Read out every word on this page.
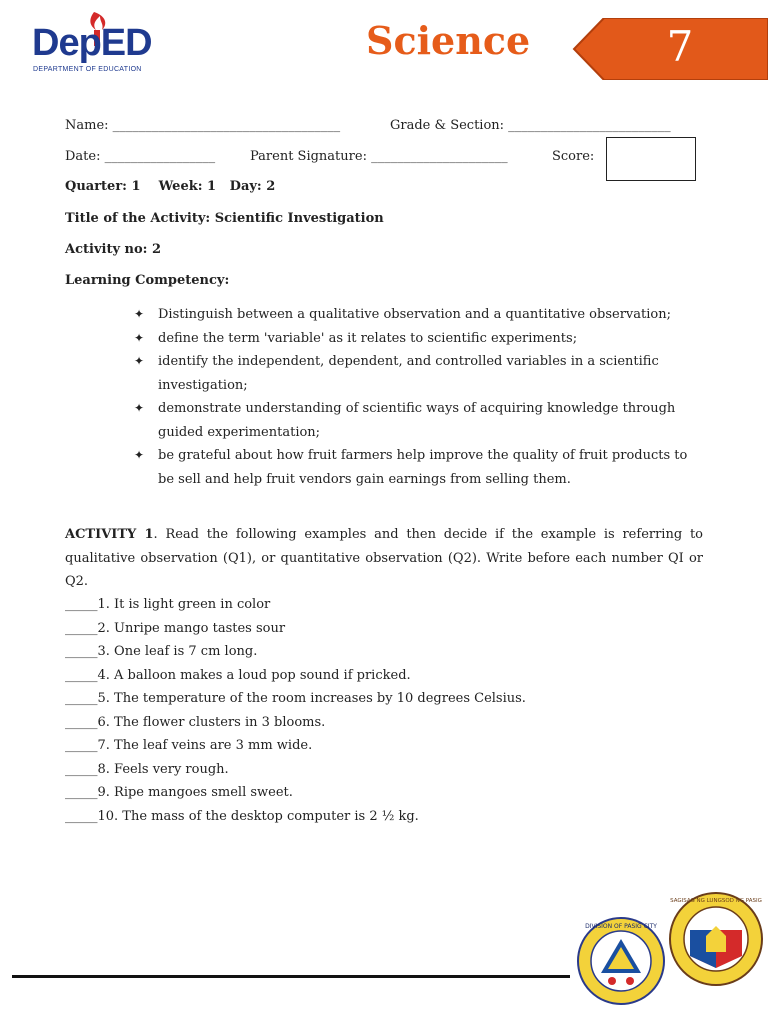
DepED
DEPARTMENT OF EDUCATION
Science	7
Name: ___________________________________	Grade & Section: _________________________
Date: _________________	Parent Signature: _____________________	Score:
Quarter: 1    Week: 1   Day: 2
Title of the Activity: Scientific Investigation
Activity no: 2
Learning Competency:
✦ Distinguish between a qualitative observation and a quantitative observation;
✦ define the term 'variable' as it relates to scientific experiments;
✦ identify the independent, dependent, and controlled variables in a scientific investigation;
✦ demonstrate understanding of scientific ways of acquiring knowledge through guided experimentation;
✦ be grateful about how fruit farmers help improve the quality of fruit products to be sell and help fruit vendors gain earnings from selling them.
ACTIVITY 1. Read the following examples and then decide if the example is referring to qualitative observation (Q1), or quantitative observation (Q2). Write before each number QI or Q2.
_____1. It is light green in color
_____2. Unripe mango tastes sour
_____3. One leaf is 7 cm long.
_____4. A balloon makes a loud pop sound if pricked.
_____5. The temperature of the room increases by 10 degrees Celsius.
_____6. The flower clusters in 3 blooms.
_____7. The leaf veins are 3 mm wide.
_____8. Feels very rough.
_____9. Ripe mangoes smell sweet.
_____10. The mass of the desktop computer is 2 ½ kg.
DIVISION OF PASIG CITY
SAGISAG NG LUNGSOD NG PASIG
